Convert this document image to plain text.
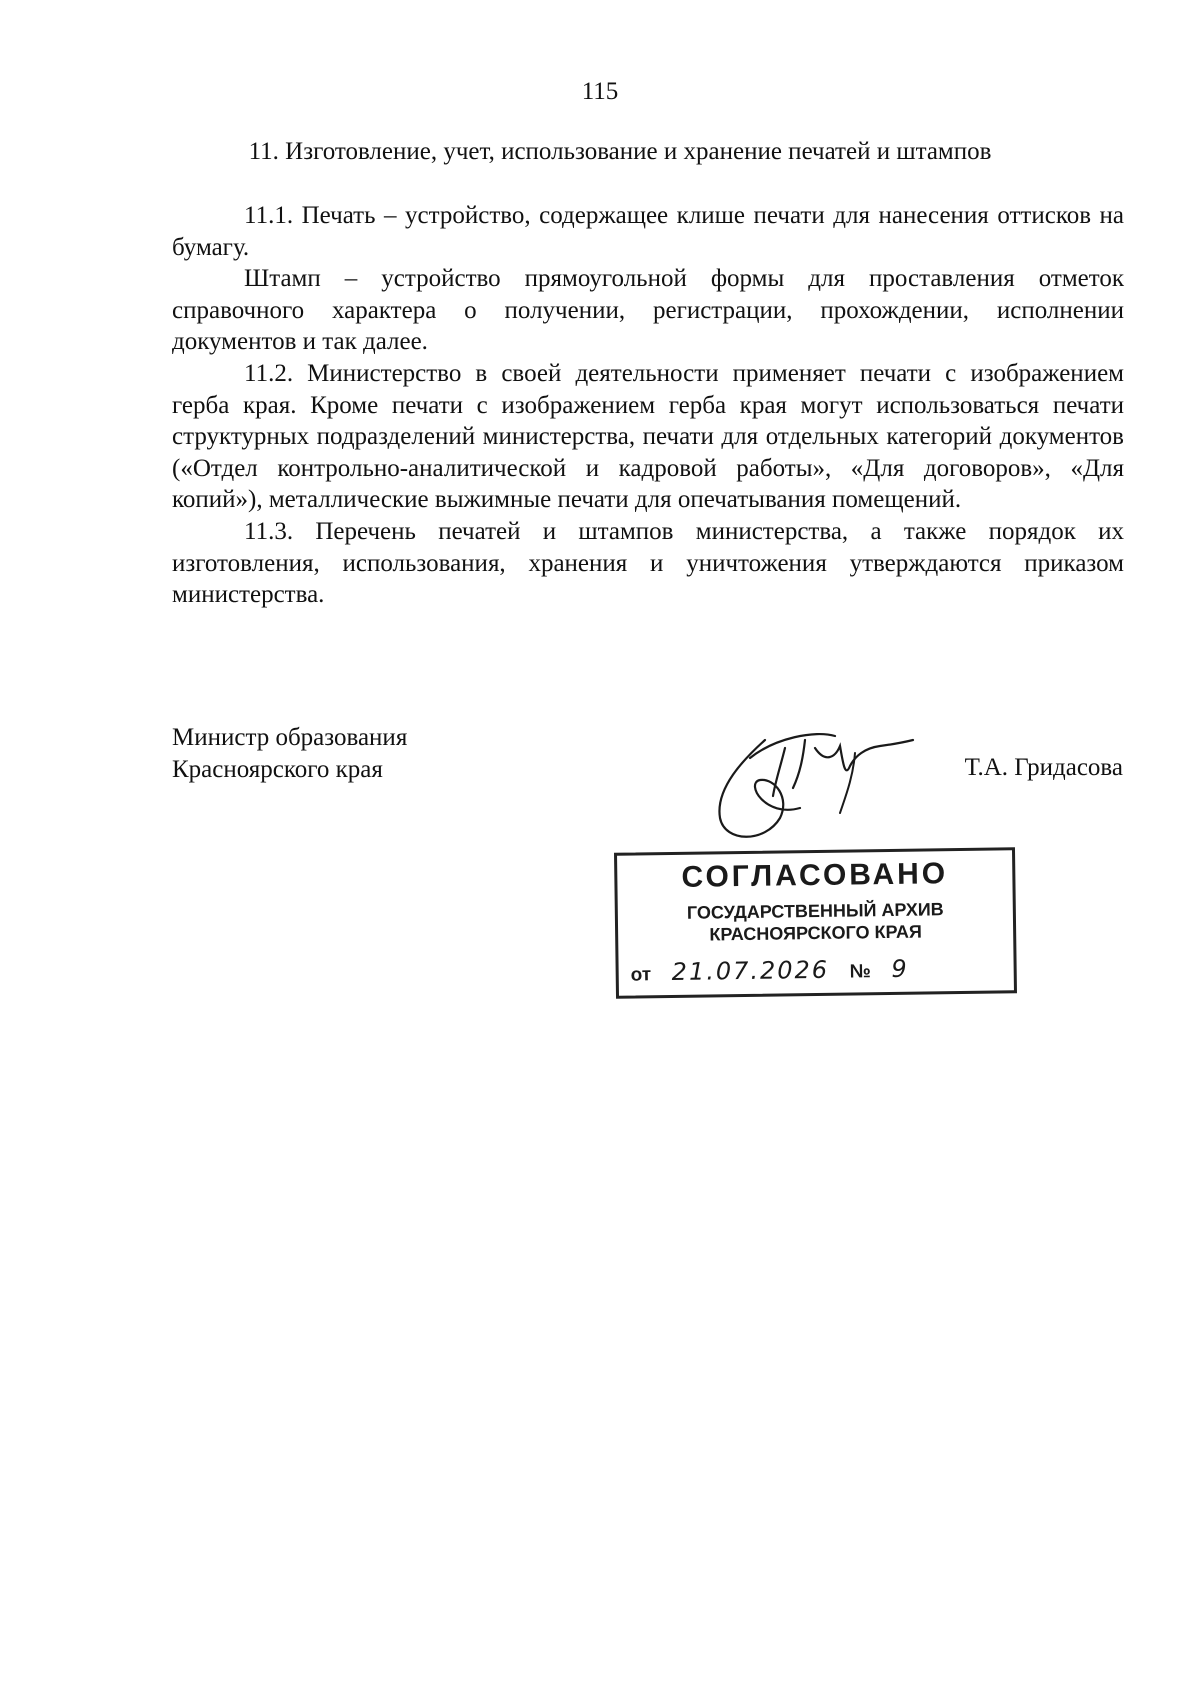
115
11. Изготовление, учет, использование и хранение печатей и штампов

11.1. Печать – устройство, содержащее клише печати для нанесения оттисков на бумагу.

Штамп – устройство прямоугольной формы для проставления отметок справочного характера о получении, регистрации, прохождении, исполнении документов и так далее.

11.2. Министерство в своей деятельности применяет печати с изображением герба края. Кроме печати с изображением герба края могут использоваться печати структурных подразделений министерства, печати для отдельных категорий документов («Отдел контрольно-аналитической и кадровой работы», «Для договоров», «Для копий»), металлические выжимные печати для опечатывания помещений.

11.3. Перечень печатей и штампов министерства, а также порядок их изготовления, использования, хранения и уничтожения утверждаются приказом министерства.

Министр образования
Красноярского края	Т.А. Гридасова
СОГЛАСОВАНО
ГОСУДАРСТВЕННЫЙ АРХИВ
КРАСНОЯРСКОГО КРАЯ
от 21.07.2026 № 9
